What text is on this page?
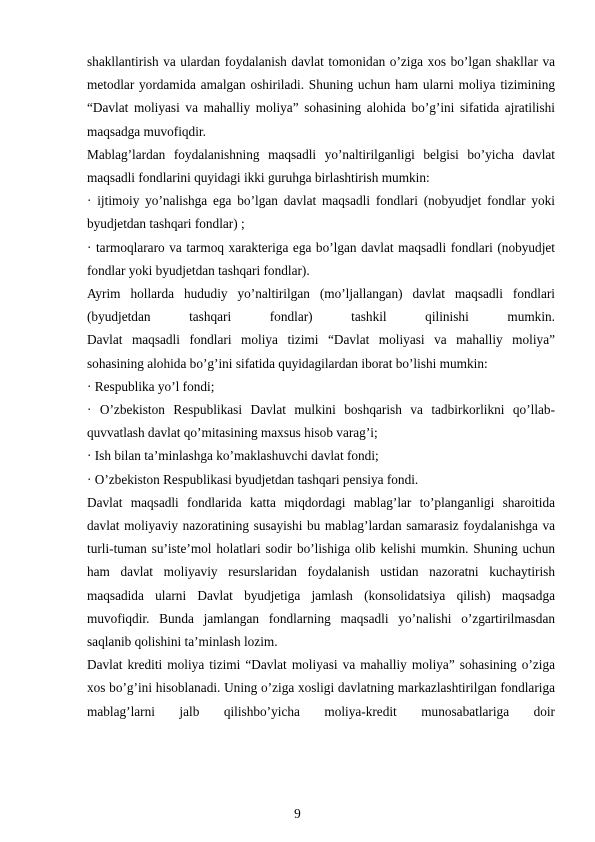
shakllantirish va ulardan foydalanish davlat tomonidan o’ziga xos bo’lgan shakllar va metodlar yordamida amalgan oshiriladi. Shuning uchun ham ularni moliya tizimining “Davlat moliyasi va mahalliy moliya” sohasining alohida bo’g’ini sifatida ajratilishi maqsadga muvofiqdir.

Mablag’lardan foydalanishning maqsadli yo’naltirilganligi belgisi bo’yicha davlat maqsadli fondlarini quyidagi ikki guruhga birlashtirish mumkin:

· ijtimoiy yo’nalishga ega bo’lgan davlat maqsadli fondlari (nobyudjet fondlar yoki byudjetdan tashqari fondlar) ;

· tarmoqlararo va tarmoq xarakteriga ega bo’lgan davlat maqsadli fondlari (nobyudjet fondlar yoki byudjetdan tashqari fondlar).

Ayrim hollarda hududiy yo’naltirilgan (mo’ljallangan) davlat maqsadli fondlari (byudjetdan tashqari fondlar) tashkil qilinishi mumkin.

Davlat maqsadli fondlari moliya tizimi “Davlat moliyasi va mahalliy moliya” sohasining alohida bo’g’ini sifatida quyidagilardan iborat bo’lishi mumkin:

· Respublika yo’l fondi;

· O’zbekiston Respublikasi Davlat mulkini boshqarish va tadbirkorlikni qo’llab-quvvatlash davlat qo’mitasining maxsus hisob varag’i;

· Ish bilan ta’minlashga ko’maklashuvchi davlat fondi;

· O’zbekiston Respublikasi byudjetdan tashqari pensiya fondi.

Davlat maqsadli fondlarida katta miqdordagi mablag’lar to’planganligi sharoitida davlat moliyaviy nazoratining susayishi bu mablag’lardan samarasiz foydalanishga va turli-tuman su’iste’mol holatlari sodir bo’lishiga olib kelishi mumkin. Shuning uchun ham davlat moliyaviy resurslaridan foydalanish ustidan nazoratni kuchaytirish maqsadida ularni Davlat byudjetiga jamlash (konsolidatsiya qilish) maqsadga muvofiqdir. Bunda jamlangan fondlarning maqsadli yo’nalishi o’zgartirilmasdan saqlanib qolishini ta’minlash lozim.

Davlat krediti moliya tizimi “Davlat moliyasi va mahalliy moliya” sohasining o’ziga xos bo’g’ini hisoblanadi. Uning o’ziga xosligi davlatning markazlashtirilgan fondlariga mablag’larni jalb qilishbo’yicha moliya-kredit munosabatlariga doir

9
